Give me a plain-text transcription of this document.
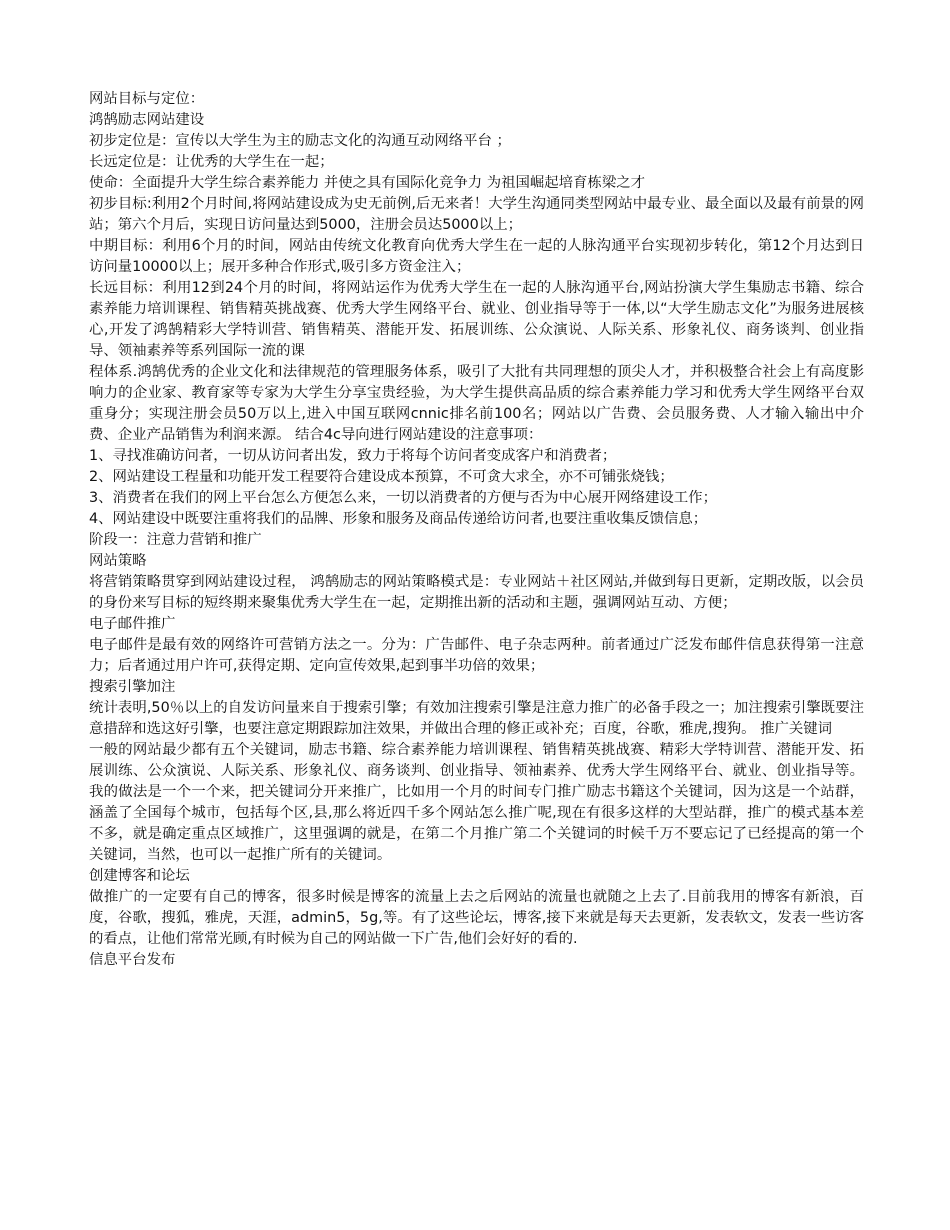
网站目标与定位：

鸿鹄励志网站建设

初步定位是：宣传以大学生为主的励志文化的沟通互动网络平台 ；

长远定位是：让优秀的大学生在一起；

使命：全面提升大学生综合素养能力 并使之具有国际化竞争力 为祖国崛起培育栋梁之才

初步目标:利用2个月时间,将网站建设成为史无前例,后无来者！大学生沟通同类型网站中最专业、最全面以及最有前景的网站；第六个月后，实现日访问量达到5000，注册会员达5000以上；

中期目标：利用6个月的时间，网站由传统文化教育向优秀大学生在一起的人脉沟通平台实现初步转化，第12个月达到日访问量10000以上；展开多种合作形式,吸引多方资金注入；

长远目标：利用12到24个月的时间，将网站运作为优秀大学生在一起的人脉沟通平台,网站扮演大学生集励志书籍、综合素养能力培训课程、销售精英挑战赛、优秀大学生网络平台、就业、创业指导等于一体,以“大学生励志文化”为服务进展核心,开发了鸿鹄精彩大学特训营、销售精英、潜能开发、拓展训练、公众演说、人际关系、形象礼仪、商务谈判、创业指导、领袖素养等系列国际一流的课

程体系.鸿鹄优秀的企业文化和法律规范的管理服务体系，吸引了大批有共同理想的顶尖人才，并积极整合社会上有高度影响力的企业家、教育家等专家为大学生分享宝贵经验，为大学生提供高品质的综合素养能力学习和优秀大学生网络平台双重身分；实现注册会员50万以上,进入中国互联网cnnic排名前100名；网站以广告费、会员服务费、人才输入输出中介费、企业产品销售为利润来源。 结合4c导向进行网站建设的注意事项：

1、寻找准确访问者，一切从访问者出发，致力于将每个访问者变成客户和消费者；

2、网站建设工程量和功能开发工程要符合建设成本预算，不可贪大求全，亦不可铺张烧钱；

3、消费者在我们的网上平台怎么方便怎么来，一切以消费者的方便与否为中心展开网络建设工作；

4、网站建设中既要注重将我们的品牌、形象和服务及商品传递给访问者,也要注重收集反馈信息；

阶段一：注意力营销和推广

网站策略

将营销策略贯穿到网站建设过程， 鸿鹄励志的网站策略模式是：专业网站＋社区网站,并做到每日更新，定期改版，以会员的身份来写目标的短终期来聚集优秀大学生在一起，定期推出新的活动和主题，强调网站互动、方便；

电子邮件推广

电子邮件是最有效的网络许可营销方法之一。分为：广告邮件、电子杂志两种。前者通过广泛发布邮件信息获得第一注意力；后者通过用户许可,获得定期、定向宣传效果,起到事半功倍的效果；

搜索引擎加注

统计表明,50％以上的自发访问量来自于搜索引擎；有效加注搜索引擎是注意力推广的必备手段之一；加注搜索引擎既要注意措辞和选这好引擎，也要注意定期跟踪加注效果，并做出合理的修正或补充；百度，谷歌，雅虎,搜狗。 推广关键词

一般的网站最少都有五个关键词，励志书籍、综合素养能力培训课程、销售精英挑战赛、精彩大学特训营、潜能开发、拓展训练、公众演说、人际关系、形象礼仪、商务谈判、创业指导、领袖素养、优秀大学生网络平台、就业、创业指导等。我的做法是一个一个来，把关键词分开来推广，比如用一个月的时间专门推广励志书籍这个关键词，因为这是一个站群，涵盖了全国每个城市，包括每个区,县,那么将近四千多个网站怎么推广呢,现在有很多这样的大型站群，推广的模式基本差不多，就是确定重点区域推广，这里强调的就是，在第二个月推广第二个关键词的时候千万不要忘记了已经提高的第一个关键词，当然，也可以一起推广所有的关键词。

创建博客和论坛

做推广的一定要有自己的博客，很多时候是博客的流量上去之后网站的流量也就随之上去了.目前我用的博客有新浪，百度，谷歌，搜狐，雅虎，天涯，admin5，5g,等。有了这些论坛，博客,接下来就是每天去更新，发表软文，发表一些访客的看点，让他们常常光顾,有时候为自己的网站做一下广告,他们会好好的看的.

信息平台发布
